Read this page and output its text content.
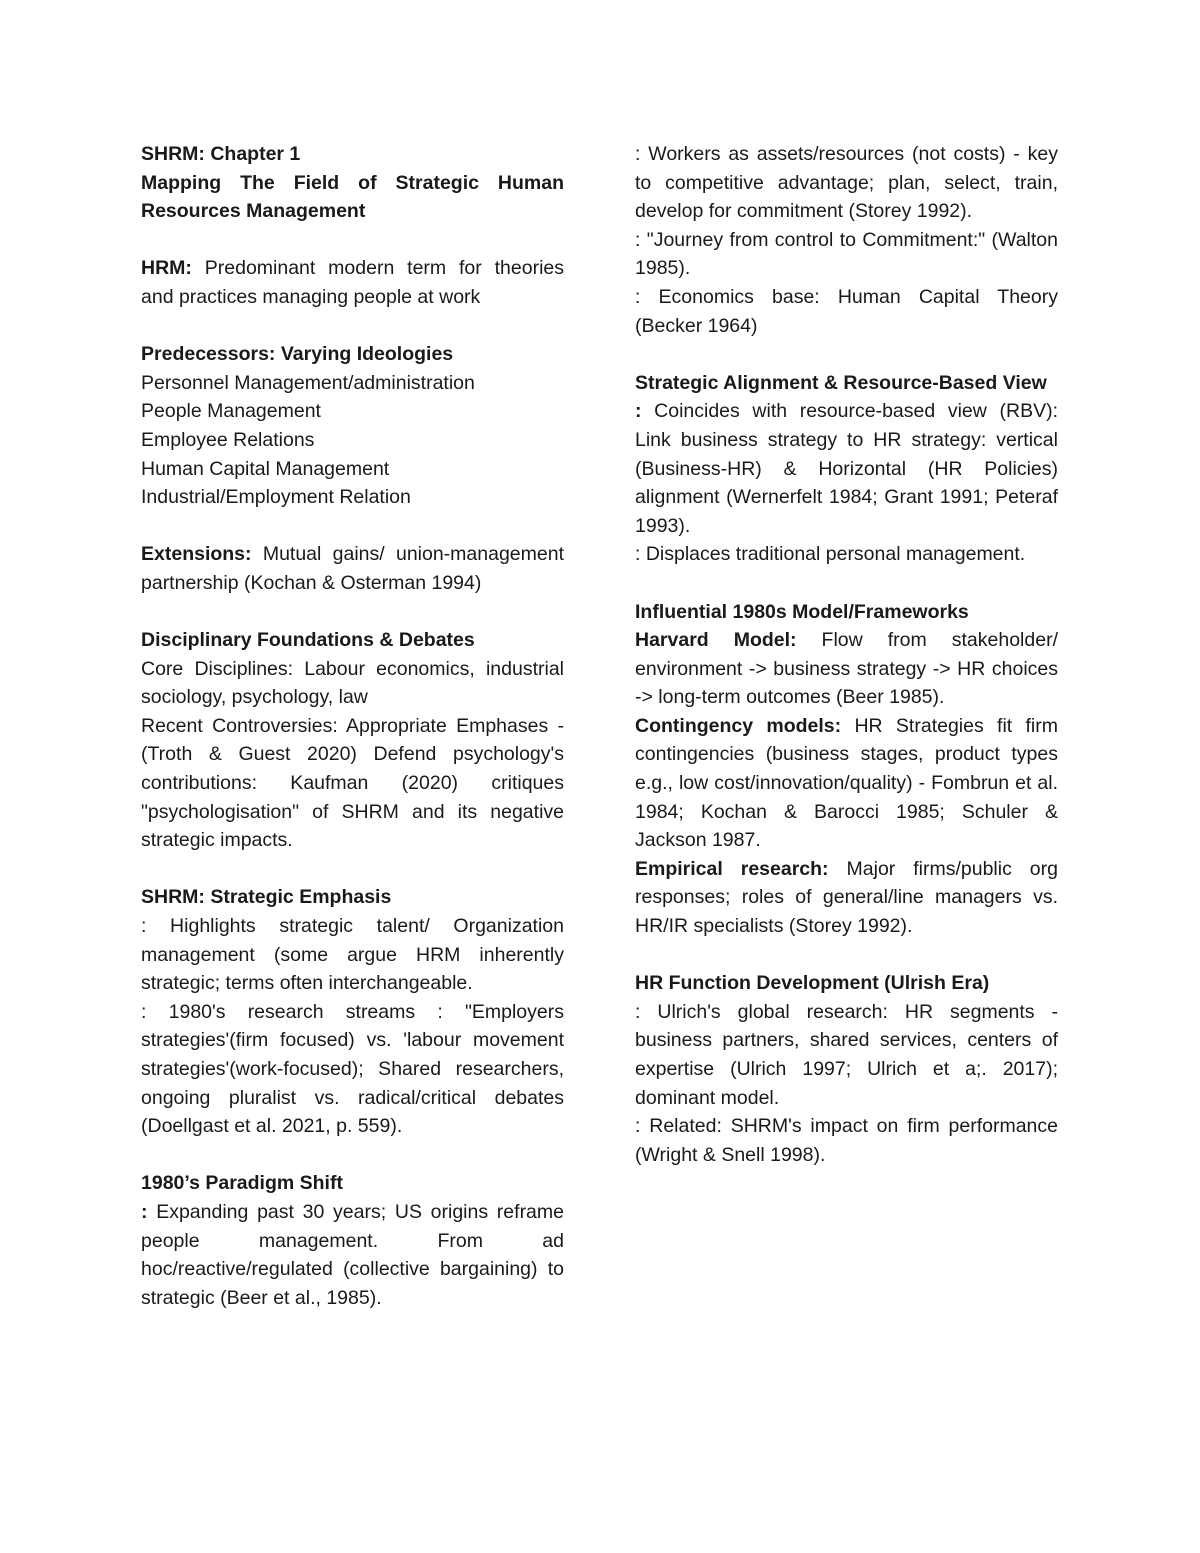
SHRM: Chapter 1

Mapping The Field of Strategic Human Resources Management

HRM: Predominant modern term for theories and practices managing people at work

Predecessors: Varying Ideologies

Personnel Management/administration

People Management

Employee Relations

Human Capital Management

Industrial/Employment Relation

Extensions: Mutual gains/ union-management partnership (Kochan & Osterman 1994)

Disciplinary Foundations & Debates

Core Disciplines: Labour economics, industrial sociology, psychology, law

Recent Controversies: Appropriate Emphases - (Troth & Guest 2020) Defend psychology's contributions: Kaufman (2020) critiques "psychologisation" of SHRM and its negative strategic impacts.

SHRM: Strategic Emphasis

: Highlights strategic talent/ Organization management (some argue HRM inherently strategic; terms often interchangeable.

: 1980's research streams : "Employers strategies'(firm focused) vs. 'labour movement strategies'(work-focused); Shared researchers, ongoing pluralist vs. radical/critical debates (Doellgast et al. 2021, p. 559).

1980’s Paradigm Shift

: Expanding past 30 years; US origins reframe people management. From ad hoc/reactive/regulated (collective bargaining) to strategic (Beer et al., 1985).

: Workers as assets/resources (not costs) - key to competitive advantage; plan, select, train, develop for commitment (Storey 1992).

: "Journey from control to Commitment:" (Walton 1985).

: Economics base: Human Capital Theory (Becker 1964)

Strategic Alignment & Resource-Based View

: Coincides with resource-based view (RBV): Link business strategy to HR strategy: vertical (Business-HR) & Horizontal (HR Policies) alignment (Wernerfelt 1984; Grant 1991; Peteraf 1993).

: Displaces traditional personal management.

Influential 1980s Model/Frameworks

Harvard Model: Flow from stakeholder/ environment -> business strategy -> HR choices -> long-term outcomes (Beer 1985).

Contingency models: HR Strategies fit firm contingencies (business stages, product types e.g., low cost/innovation/quality) - Fombrun et al. 1984; Kochan & Barocci 1985; Schuler & Jackson 1987.

Empirical research: Major firms/public org responses; roles of general/line managers vs. HR/IR specialists (Storey 1992).

HR Function Development (Ulrish Era)

: Ulrich's global research: HR segments - business partners, shared services, centers of expertise (Ulrich 1997; Ulrich et a;. 2017); dominant model.

: Related: SHRM's impact on firm performance (Wright & Snell 1998).
